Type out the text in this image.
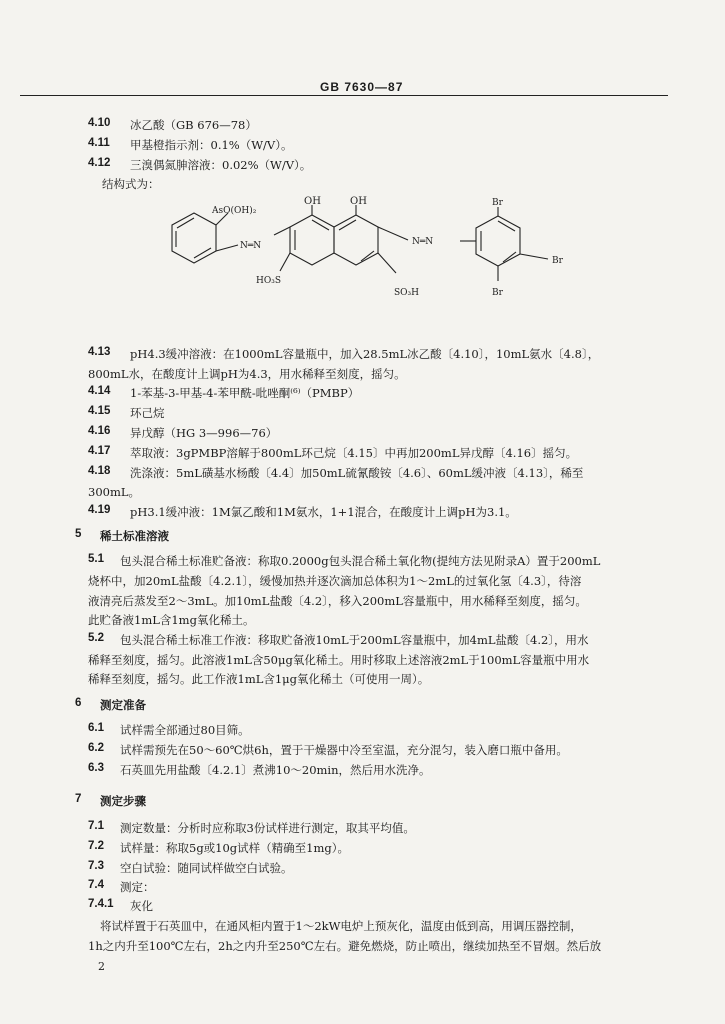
GB 7630—87
4.10 冰乙酸（GB 676—78）
4.11 甲基橙指示剂：0.1%（W/V）。
4.12 三溴偶氮胂溶液：0.02%（W/V）。
结构式为：
AsO(OH)₂
N═N
OH	OH
N═N
HO₃S
SO₃H
Br
Br
Br
4.13 pH4.3缓冲溶液：在1000mL容量瓶中，加入28.5mL冰乙酸〔4.10〕，10mL氨水〔4.8〕，
800mL水，在酸度计上调pH为4.3，用水稀释至刻度，摇匀。
4.14 1-苯基-3-甲基-4-苯甲酰-吡唑酮⁽⁶⁾（PMBP）
4.15 环己烷
4.16 异戊醇（HG 3—996—76）
4.17 萃取液：3gPMBP溶解于800mL环己烷〔4.15〕中再加200mL异戊醇〔4.16〕摇匀。
4.18 洗涤液：5mL磺基水杨酸〔4.4〕加50mL硫氰酸铵〔4.6〕、60mL缓冲液〔4.13〕，稀至
300mL。
4.19 pH3.1缓冲液：1M氯乙酸和1M氨水，1+1混合，在酸度计上调pH为3.1。
5 稀土标准溶液
5.1 包头混合稀土标准贮备液：称取0.2000g包头混合稀土氧化物(提纯方法见附录A）置于200mL
烧杯中，加20mL盐酸〔4.2.1〕，缓慢加热并逐次滴加总体积为1～2mL的过氧化氢〔4.3〕，待溶
液清亮后蒸发至2～3mL。加10mL盐酸〔4.2〕，移入200mL容量瓶中，用水稀释至刻度，摇匀。
此贮备液1mL含1mg氧化稀土。
5.2 包头混合稀土标准工作液：移取贮备液10mL于200mL容量瓶中，加4mL盐酸〔4.2〕，用水
稀释至刻度，摇匀。此溶液1mL含50μg氧化稀土。用时移取上述溶液2mL于100mL容量瓶中用水
稀释至刻度，摇匀。此工作液1mL含1μg氧化稀土（可使用一周）。
6 测定准备
6.1 试样需全部通过80目筛。
6.2 试样需预先在50～60℃烘6h，置于干燥器中冷至室温，充分混匀，装入磨口瓶中备用。
6.3 石英皿先用盐酸〔4.2.1〕煮沸10～20min，然后用水洗净。
7 测定步骤
7.1 测定数量：分析时应称取3份试样进行测定，取其平均值。
7.2 试样量：称取5g或10g试样（精确至1mg）。
7.3 空白试验：随同试样做空白试验。
7.4 测定：
7.4.1 灰化
将试样置于石英皿中，在通风柜内置于1～2kW电炉上预灰化，温度由低到高，用调压器控制，
1h之内升至100℃左右，2h之内升至250℃左右。避免燃烧，防止喷出，继续加热至不冒烟。然后放
2
